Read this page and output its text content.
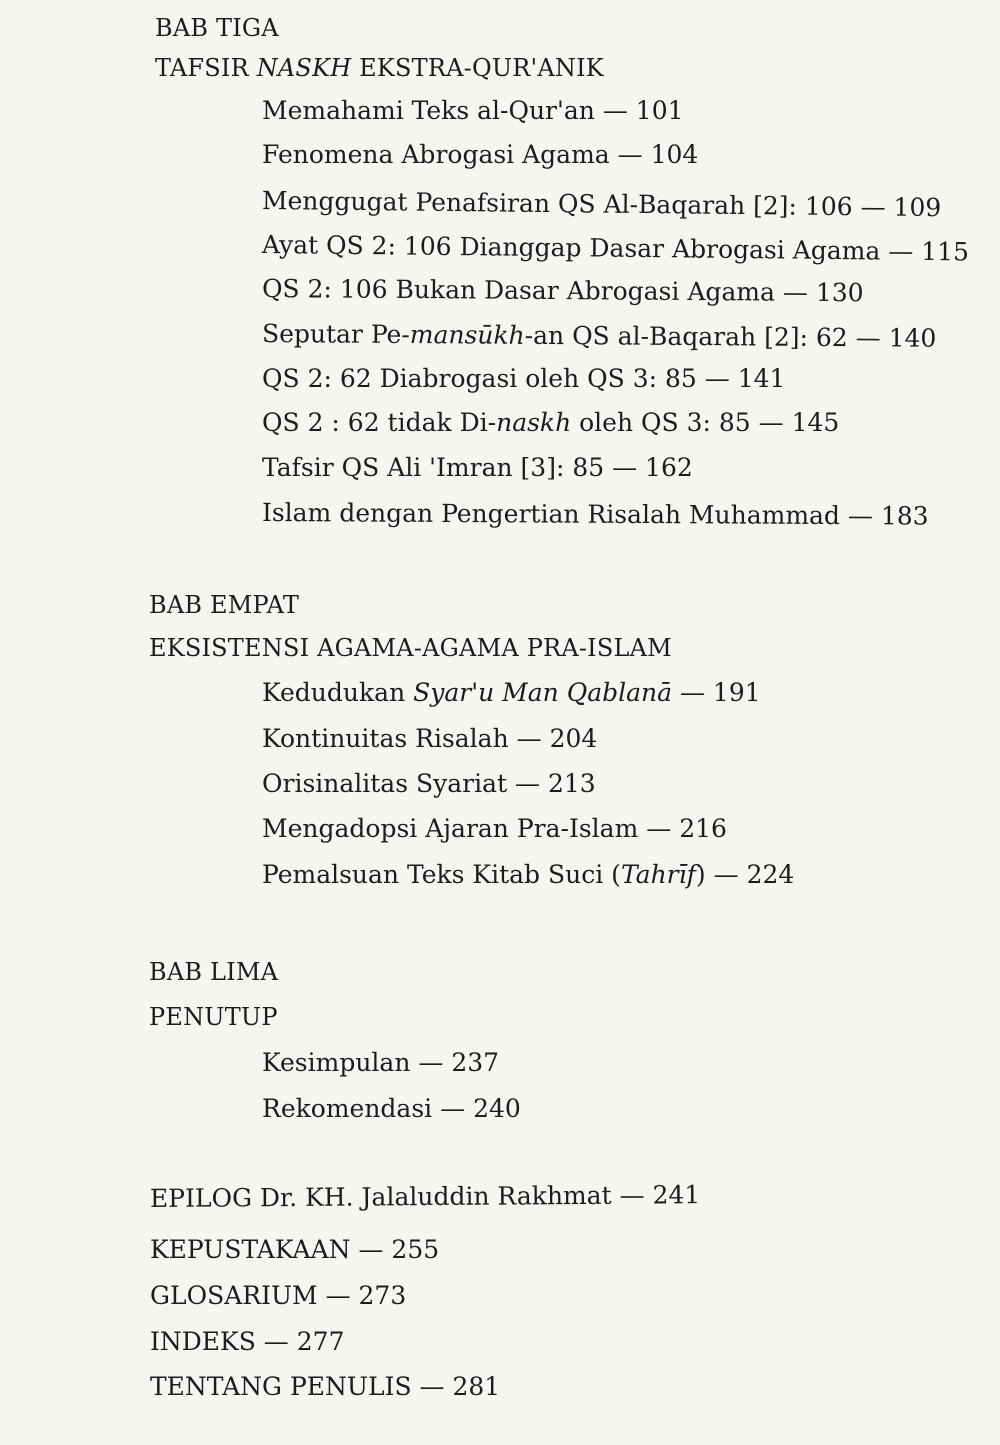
BAB TIGA
TAFSIR NASKH EKSTRA-QUR'ANIK
Memahami Teks al-Qur'an — 101
Fenomena Abrogasi Agama — 104
Menggugat Penafsiran QS Al-Baqarah [2]: 106 — 109
Ayat QS 2: 106 Dianggap Dasar Abrogasi Agama — 115
QS 2: 106 Bukan Dasar Abrogasi Agama — 130
Seputar Pe-mansūkh-an QS al-Baqarah [2]: 62 — 140
QS 2: 62 Diabrogasi oleh QS 3: 85 — 141
QS 2 : 62 tidak Di-naskh oleh QS 3: 85 — 145
Tafsir QS Ali 'Imran [3]: 85 — 162
Islam dengan Pengertian Risalah Muhammad — 183
BAB EMPAT
EKSISTENSI AGAMA-AGAMA PRA-ISLAM
Kedudukan Syar'u Man Qablanā — 191
Kontinuitas Risalah — 204
Orisinalitas Syariat — 213
Mengadopsi Ajaran Pra-Islam — 216
Pemalsuan Teks Kitab Suci (Tahrīf) — 224
BAB LIMA
PENUTUP
Kesimpulan — 237
Rekomendasi — 240
EPILOG Dr. KH. Jalaluddin Rakhmat — 241
KEPUSTAKAAN — 255
GLOSARIUM — 273
INDEKS — 277
TENTANG PENULIS — 281
